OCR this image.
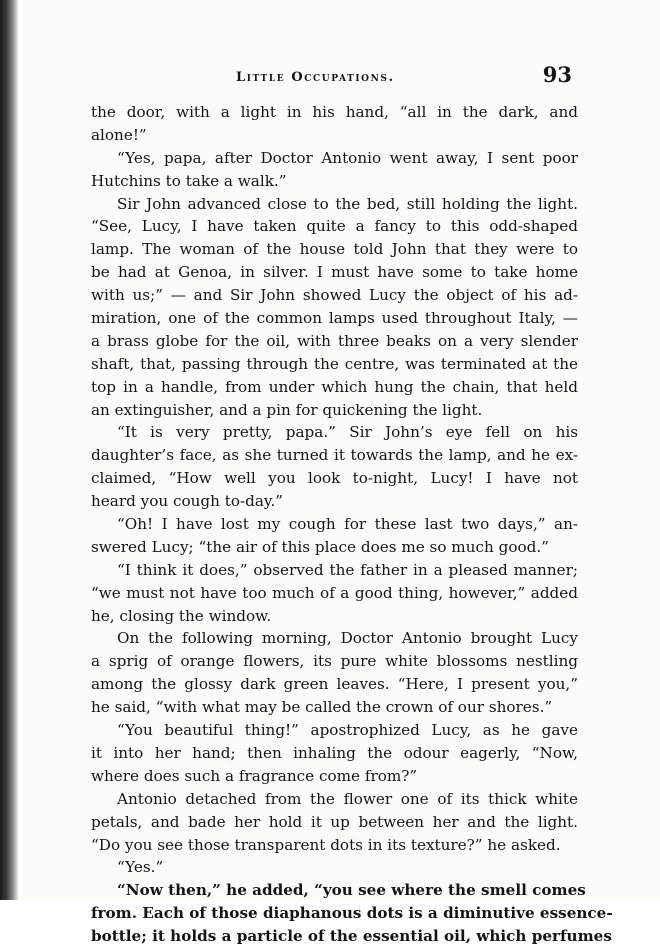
Little Occupations.	93
the door, with a light in his hand, “all in the dark, and
alone!”
“Yes, papa, after Doctor Antonio went away, I sent poor
Hutchins to take a walk.”
Sir John advanced close to the bed, still holding the light.
“See, Lucy, I have taken quite a fancy to this odd-shaped
lamp. The woman of the house told John that they were to
be had at Genoa, in silver. I must have some to take home
with us;” — and Sir John showed Lucy the object of his ad-
miration, one of the common lamps used throughout Italy, —
a brass globe for the oil, with three beaks on a very slender
shaft, that, passing through the centre, was terminated at the
top in a handle, from under which hung the chain, that held
an extinguisher, and a pin for quickening the light.
“It is very pretty, papa.” Sir John’s eye fell on his
daughter’s face, as she turned it towards the lamp, and he ex-
claimed, “How well you look to-night, Lucy! I have not
heard you cough to-day.”
“Oh! I have lost my cough for these last two days,” an-
swered Lucy; “the air of this place does me so much good.”
“I think it does,” observed the father in a pleased manner;
“we must not have too much of a good thing, however,” added
he, closing the window.
On the following morning, Doctor Antonio brought Lucy
a sprig of orange flowers, its pure white blossoms nestling
among the glossy dark green leaves. “Here, I present you,”
he said, “with what may be called the crown of our shores.”
“You beautiful thing!” apostrophized Lucy, as he gave
it into her hand; then inhaling the odour eagerly, “Now,
where does such a fragrance come from?”
Antonio detached from the flower one of its thick white
petals, and bade her hold it up between her and the light.
“Do you see those transparent dots in its texture?” he asked.
“Yes.”
“Now then,” he added, “you see where the smell comes
from. Each of those diaphanous dots is a diminutive essence-
bottle; it holds a particle of the essential oil, which perfumes
